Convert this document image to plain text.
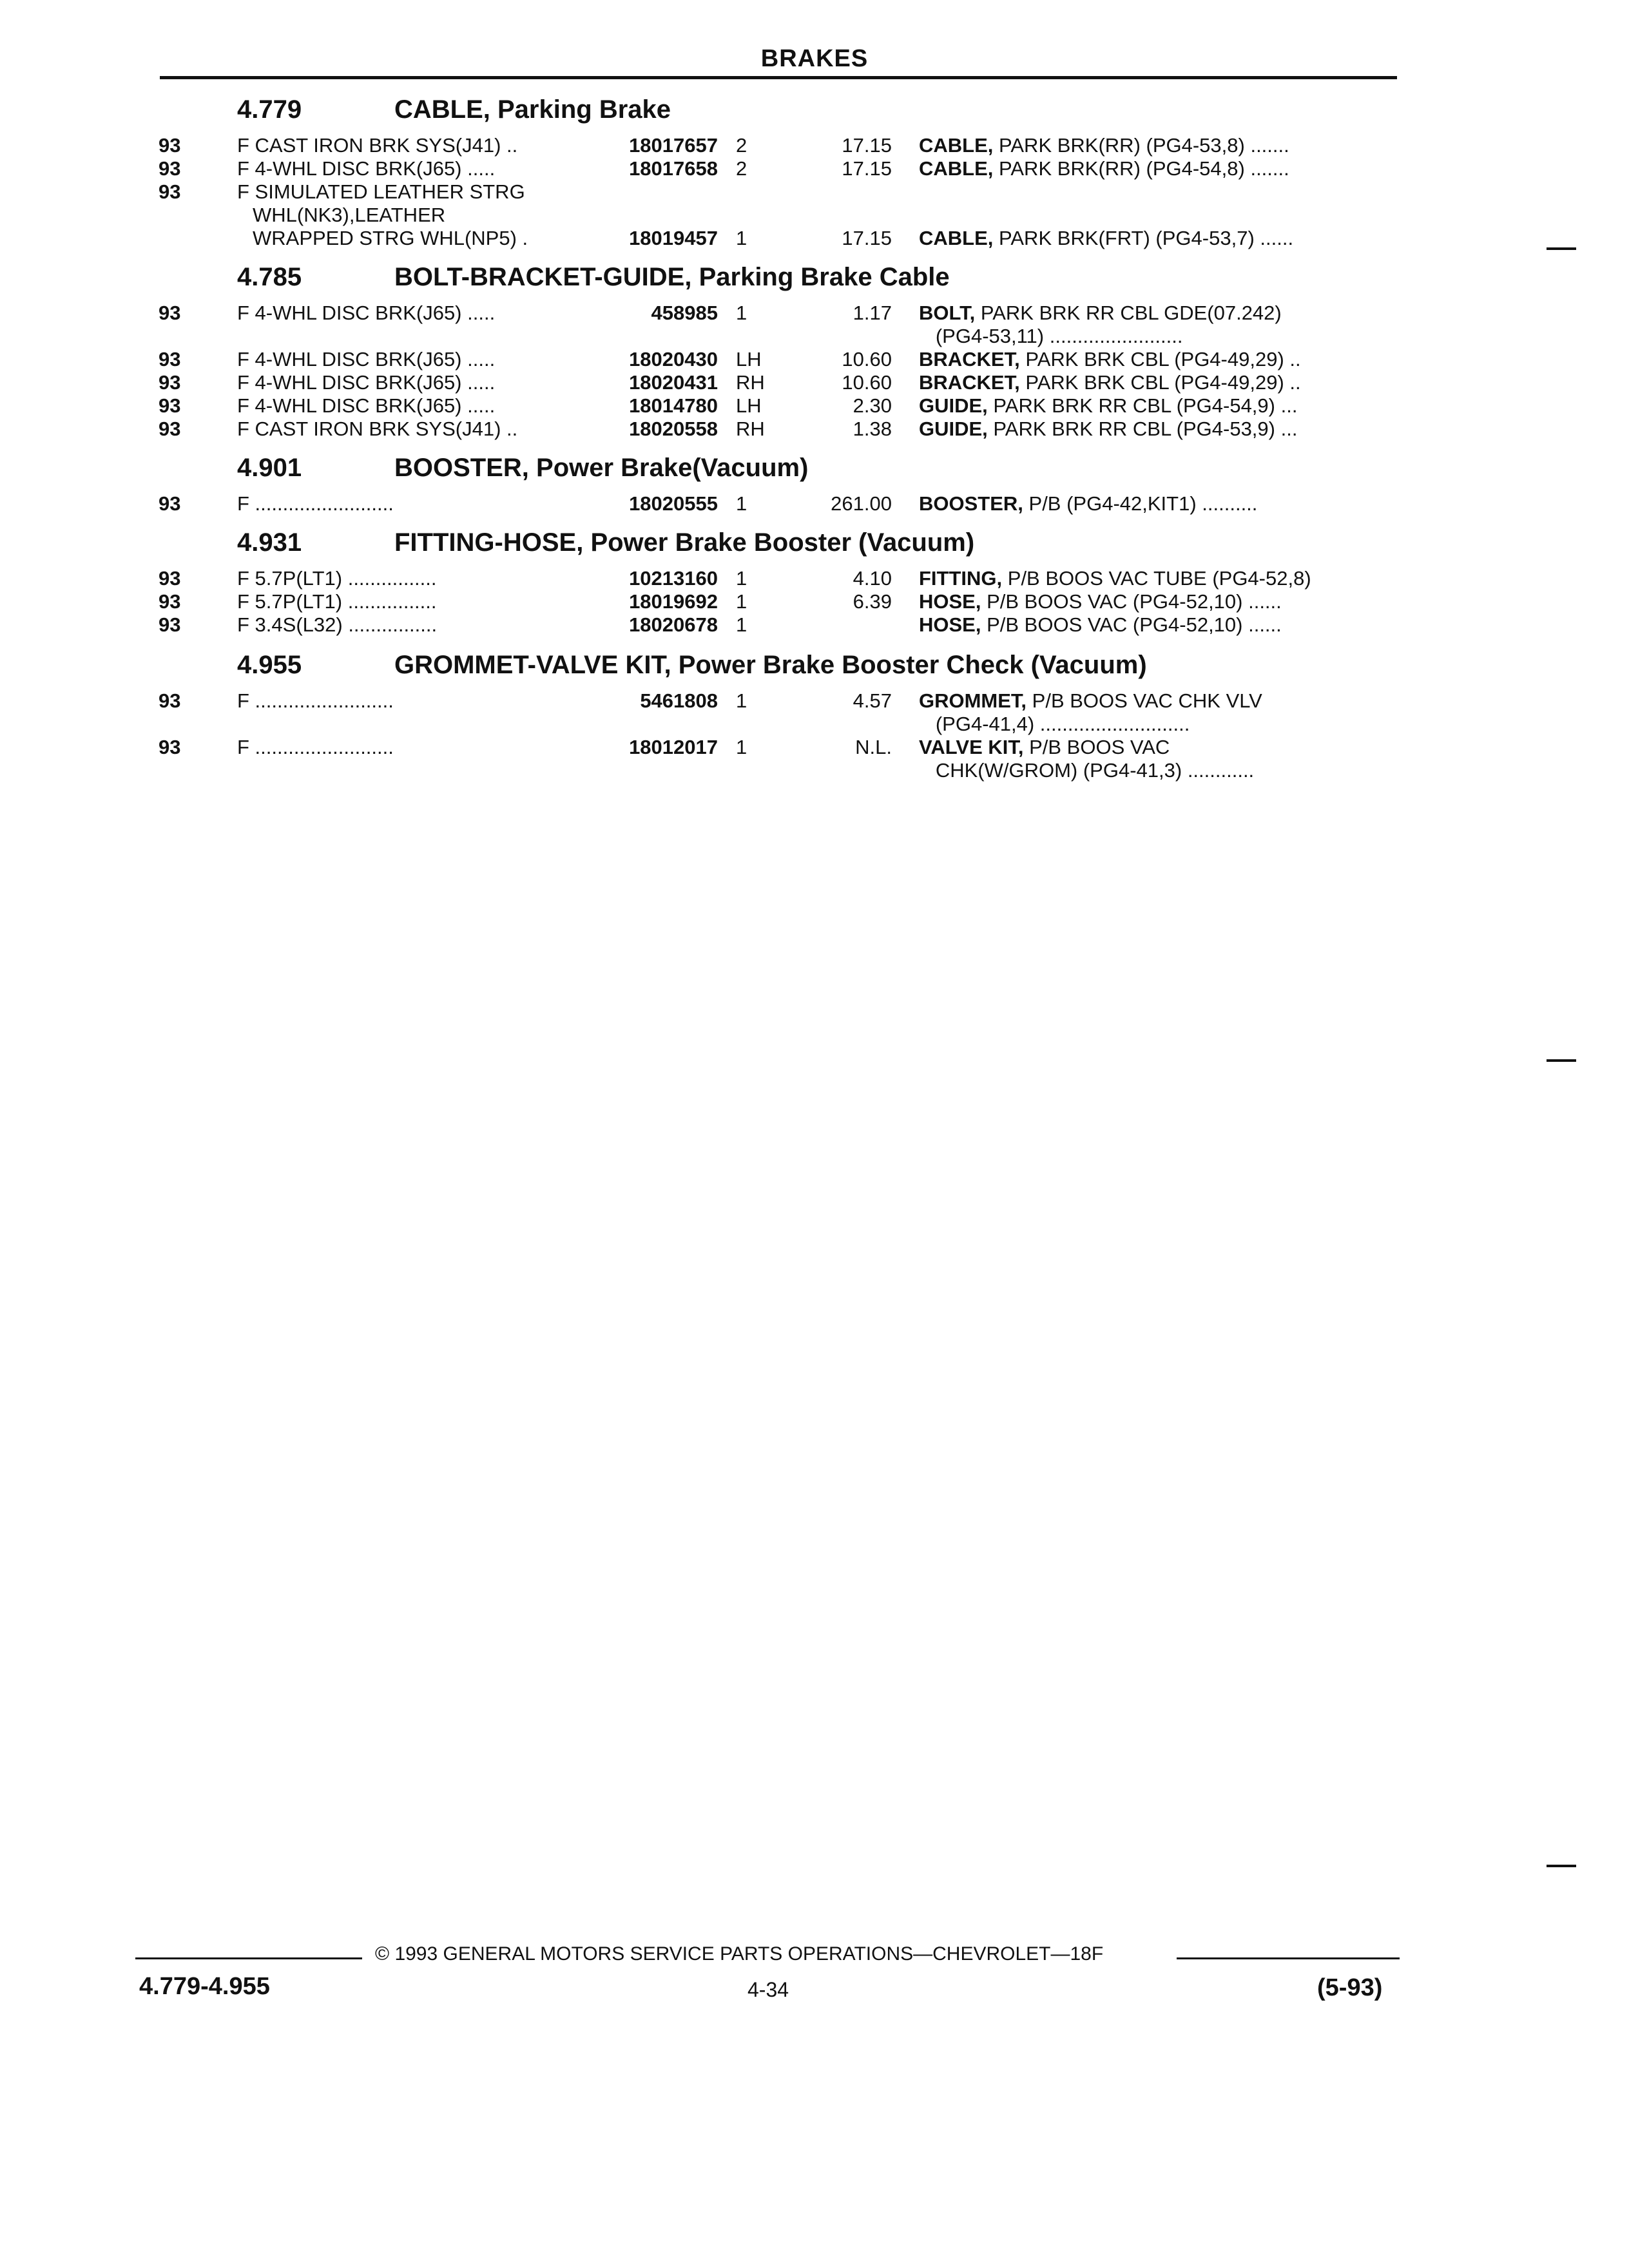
BRAKES
4.779	CABLE, Parking Brake
93	F CAST IRON BRK SYS(J41) ..	18017657 2	17.15 CABLE, PARK BRK(RR) (PG4-53,8) .......
93	F 4-WHL DISC BRK(J65) .....	18017658 2	17.15 CABLE, PARK BRK(RR) (PG4-54,8) .......
93	F SIMULATED LEATHER STRG
WHL(NK3),LEATHER
WRAPPED STRG WHL(NP5) .	18019457 1	17.15 CABLE, PARK BRK(FRT) (PG4-53,7) ......
4.785	BOLT-BRACKET-GUIDE, Parking Brake Cable
93	F 4-WHL DISC BRK(J65) .....	458985 1	1.17 BOLT, PARK BRK RR CBL GDE(07.242)
(PG4-53,11) ........................
93	F 4-WHL DISC BRK(J65) .....	18020430 LH	10.60 BRACKET, PARK BRK CBL (PG4-49,29) ..
93	F 4-WHL DISC BRK(J65) .....	18020431 RH	10.60 BRACKET, PARK BRK CBL (PG4-49,29) ..
93	F 4-WHL DISC BRK(J65) .....	18014780 LH	2.30 GUIDE, PARK BRK RR CBL (PG4-54,9) ...
93	F CAST IRON BRK SYS(J41) ..	18020558 RH	1.38 GUIDE, PARK BRK RR CBL (PG4-53,9) ...
4.901	BOOSTER, Power Brake(Vacuum)
93	F .........................	18020555 1	261.00 BOOSTER, P/B (PG4-42,KIT1) ..........
4.931	FITTING-HOSE, Power Brake Booster (Vacuum)
93	F 5.7P(LT1) ................	10213160 1	4.10 FITTING, P/B BOOS VAC TUBE (PG4-52,8)
93	F 5.7P(LT1) ................	18019692 1	6.39 HOSE, P/B BOOS VAC (PG4-52,10) ......
93	F 3.4S(L32) ................	18020678 1	HOSE, P/B BOOS VAC (PG4-52,10) ......
4.955	GROMMET-VALVE KIT, Power Brake Booster Check (Vacuum)
93	F .........................	5461808 1	4.57 GROMMET, P/B BOOS VAC CHK VLV
(PG4-41,4) ...........................
93	F .........................	18012017 1	N.L. VALVE KIT, P/B BOOS VAC
CHK(W/GROM) (PG4-41,3) ............
© 1993 GENERAL MOTORS SERVICE PARTS OPERATIONS—CHEVROLET—18F
4.779-4.955	4-34	(5-93)
